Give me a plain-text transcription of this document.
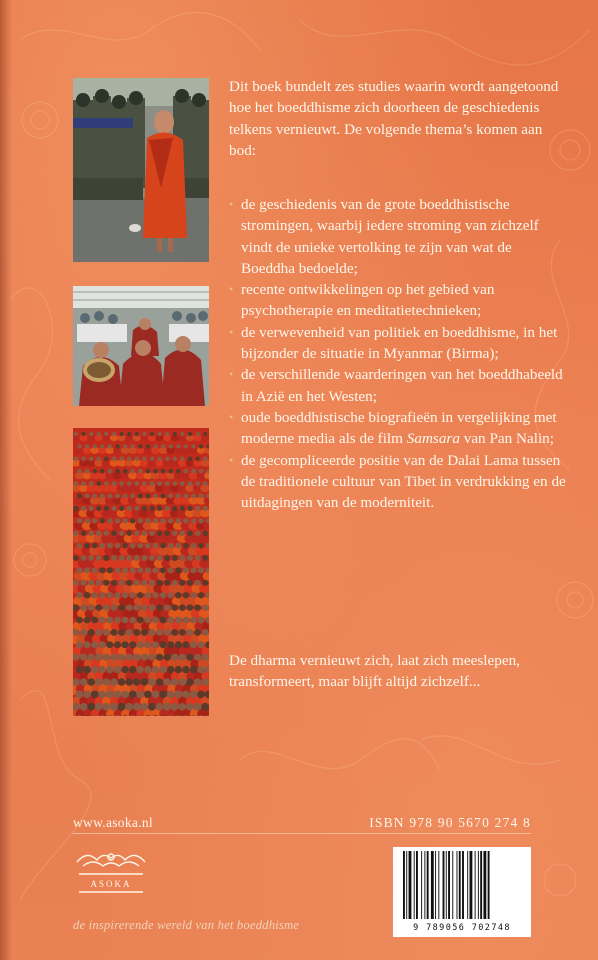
Dit boek bundelt zes studies waarin wordt aangetoond hoe het boeddhisme zich doorheen de geschiedenis telkens vernieuwt. De volgende thema’s komen aan bod:
• de geschiedenis van de grote boeddhistische stromingen, waarbij iedere stroming van zichzelf vindt de unieke vertolking te zijn van wat de Boeddha bedoelde;
• recente ontwikkelingen op het gebied van psychotherapie en meditatietechnieken;
• de verwevenheid van politiek en boeddhisme, in het bijzonder de situatie in Myanmar (Birma);
• de verschillende waarderingen van het boeddhabeeld in Azië en het Westen;
• oude boeddhistische biografieën in vergelijking met moderne media als de film Samsara van Pan Nalin;
• de gecompliceerde positie van de Dalai Lama tussen de traditionele cultuur van Tibet in verdrukking en de uitdagingen van de moderniteit.
De dharma vernieuwt zich, laat zich meeslepen, transformeert, maar blijft altijd zichzelf...
www.asoka.nl	ISBN 978 90 5670 274 8
ASOKA
9 789056 702748
de inspirerende wereld van het boeddhisme
